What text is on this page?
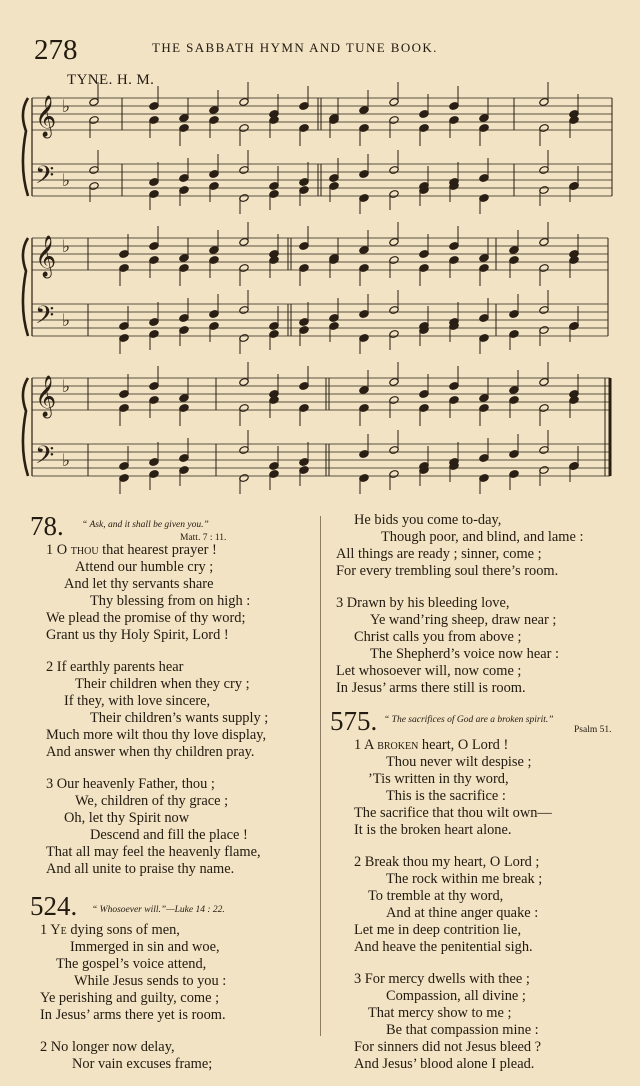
278	THE SABBATH HYMN AND TUNE BOOK.
TYNE. H. M.
𝄞
𝄢
♭
♭
𝄞
𝄢
♭
♭
𝄞
𝄢
♭
♭
78. “ Ask, and it shall be given you.”
Matt. 7 : 11.
1 O thou that hearest prayer !
Attend our humble cry ;
And let thy servants share
Thy blessing from on high :
We plead the promise of thy word;
Grant us thy Holy Spirit, Lord !
2 If earthly parents hear
Their children when they cry ;
If they, with love sincere,
Their children’s wants supply ;
Much more wilt thou thy love display,
And answer when thy children pray.
3 Our heavenly Father, thou ;
We, children of thy grace ;
Oh, let thy Spirit now
Descend and fill the place !
That all may feel the heavenly flame,
And all unite to praise thy name.
524. “ Whosoever will.”—Luke 14 : 22.
1 Ye dying sons of men,
Immerged in sin and woe,
The gospel’s voice attend,
While Jesus sends to you :
Ye perishing and guilty, come ;
In Jesus’ arms there yet is room.
2 No longer now delay,
Nor vain excuses frame;
He bids you come to-day,
Though poor, and blind, and lame :
All things are ready ; sinner, come ;
For every trembling soul there’s room.
3 Drawn by his bleeding love,
Ye wand’ring sheep, draw near ;
Christ calls you from above ;
The Shepherd’s voice now hear :
Let whosoever will, now come ;
In Jesus’ arms there still is room.
575. “ The sacrifices of God are a broken spirit.”
Psalm 51.
1 A broken heart, O Lord !
Thou never wilt despise ;
’Tis written in thy word,
This is the sacrifice :
The sacrifice that thou wilt own—
It is the broken heart alone.
2 Break thou my heart, O Lord ;
The rock within me break ;
To tremble at thy word,
And at thine anger quake :
Let me in deep contrition lie,
And heave the penitential sigh.
3 For mercy dwells with thee ;
Compassion, all divine ;
That mercy show to me ;
Be that compassion mine :
For sinners did not Jesus bleed ?
And Jesus’ blood alone I plead.
